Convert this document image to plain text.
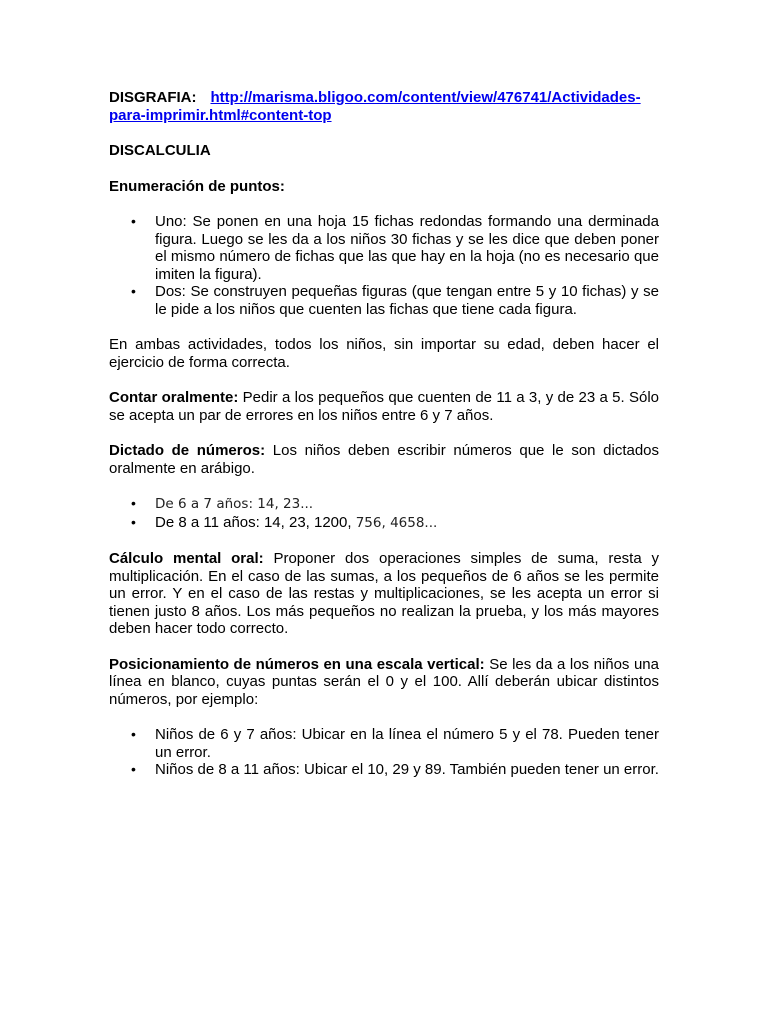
DISGRAFIA: http://marisma.bligoo.com/content/view/476741/Actividades-para-imprimir.html#content-top

DISCALCULIA

Enumeración de puntos:

• Uno: Se ponen en una hoja 15 fichas redondas formando una derminada figura. Luego se les da a los niños 30 fichas y se les dice que deben poner el mismo número de fichas que las que hay en la hoja (no es necesario que imiten la figura).
• Dos: Se construyen pequeñas figuras (que tengan entre 5 y 10 fichas) y se le pide a los niños que cuenten las fichas que tiene cada figura.

En ambas actividades, todos los niños, sin importar su edad, deben hacer el ejercicio de forma correcta.

Contar oralmente: Pedir a los pequeños que cuenten de 11 a 3, y de 23 a 5. Sólo se acepta un par de errores en los niños entre 6 y 7 años.

Dictado de números: Los niños deben escribir números que le son dictados oralmente en arábigo.

• De 6 a 7 años: 14, 23...
• De 8 a 11 años: 14, 23, 1200, 756, 4658...

Cálculo mental oral: Proponer dos operaciones simples de suma, resta y multiplicación. En el caso de las sumas, a los pequeños de 6 años se les permite un error. Y en el caso de las restas y multiplicaciones, se les acepta un error si tienen justo 8 años. Los más pequeños no realizan la prueba, y los más mayores deben hacer todo correcto.

Posicionamiento de números en una escala vertical: Se les da a los niños una línea en blanco, cuyas puntas serán el 0 y el 100. Allí deberán ubicar distintos números, por ejemplo:

• Niños de 6 y 7 años: Ubicar en la línea el número 5 y el 78. Pueden tener un error.
• Niños de 8 a 11 años: Ubicar el 10, 29 y 89. También pueden tener un error.
